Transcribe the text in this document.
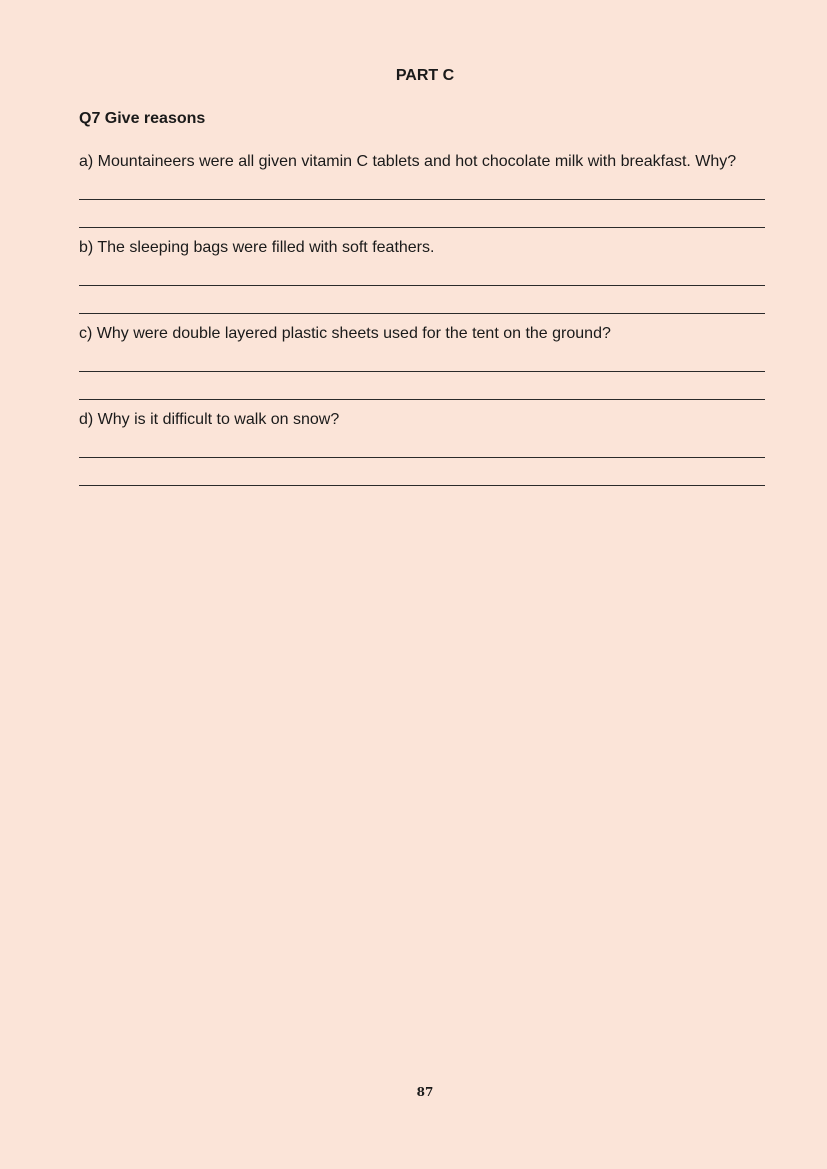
PART C
Q7 Give reasons
a) Mountaineers were all given vitamin C tablets and hot chocolate milk with breakfast. Why?
b) The sleeping bags were filled with soft feathers.
c) Why were double layered plastic sheets used for the tent on the ground?
d) Why is it difficult to walk on snow?
87
